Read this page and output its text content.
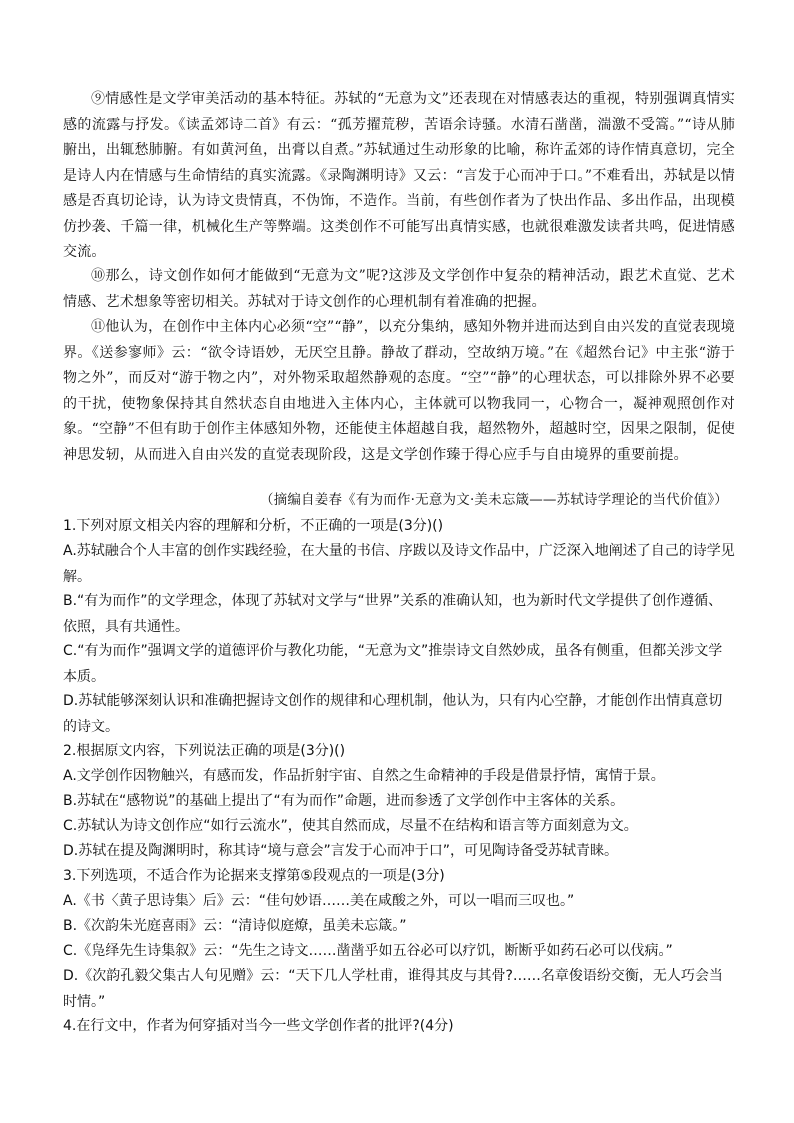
⑨情感性是文学审美活动的基本特征。苏轼的“无意为文”还表现在对情感表达的重视，特别强调真情实感的流露与抒发。《读孟郊诗二首》有云：“孤芳擢荒秽，苦语余诗骚。水清石凿凿，湍激不受篙。”“诗从肺腑出，出辄愁肺腑。有如黄河鱼，出膏以自煮。”苏轼通过生动形象的比喻，称许孟郊的诗作情真意切，完全是诗人内在情感与生命情结的真实流露。《录陶渊明诗》又云：“言发于心而冲于口。”不难看出，苏轼是以情感是否真切论诗，认为诗文贵情真，不伪饰，不造作。当前，有些创作者为了快出作品、多出作品，出现模仿抄袭、千篇一律，机械化生产等弊端。这类创作不可能写出真情实感，也就很难激发读者共鸣，促进情感交流。

⑩那么，诗文创作如何才能做到“无意为文”呢?这涉及文学创作中复杂的精神活动，跟艺术直觉、艺术情感、艺术想象等密切相关。苏轼对于诗文创作的心理机制有着准确的把握。

⑪他认为，在创作中主体内心必须“空”“静”，以充分集纳，感知外物并进而达到自由兴发的直觉表现境界。《送参寥师》云：“欲令诗语妙，无厌空且静。静故了群动，空故纳万境。”在《超然台记》中主张“游于物之外”，而反对“游于物之内”，对外物采取超然静观的态度。“空”“静”的心理状态，可以排除外界不必要的干扰，使物象保持其自然状态自由地进入主体内心，主体就可以物我同一，心物合一，凝神观照创作对象。“空静”不但有助于创作主体感知外物，还能使主体超越自我，超然物外，超越时空，因果之限制，促使神思发轫，从而进入自由兴发的直觉表现阶段，这是文学创作臻于得心应手与自由境界的重要前提。

（摘编自姜春《有为而作·无意为文·美未忘箴——苏轼诗学理论的当代价值》）

1.下列对原文相关内容的理解和分析，不正确的一项是(3分)()

A.苏轼融合个人丰富的创作实践经验，在大量的书信、序跋以及诗文作品中，广泛深入地阐述了自己的诗学见解。

B.“有为而作”的文学理念，体现了苏轼对文学与“世界”关系的准确认知，也为新时代文学提供了创作遵循、依照，具有共通性。

C.“有为而作”强调文学的道德评价与教化功能，“无意为文”推崇诗文自然妙成，虽各有侧重，但都关涉文学本质。

D.苏轼能够深刻认识和准确把握诗文创作的规律和心理机制，他认为，只有内心空静，才能创作出情真意切的诗文。

2.根据原文内容，下列说法正确的项是(3分)()

A.文学创作因物触兴，有感而发，作品折射宇宙、自然之生命精神的手段是借景抒情，寓情于景。

B.苏轼在“感物说”的基础上提出了“有为而作”命题，进而参透了文学创作中主客体的关系。

C.苏轼认为诗文创作应“如行云流水”，使其自然而成，尽量不在结构和语言等方面刻意为文。

D.苏轼在提及陶渊明时，称其诗“境与意会”言发于心而冲于口”，可见陶诗备受苏轼青睐。

3.下列选项，不适合作为论据来支撑第⑤段观点的一项是(3分)

A.《书〈黄子思诗集〉后》云：“佳句妙语……美在咸酸之外，可以一唱而三叹也。”

B.《次韵朱光庭喜雨》云：“清诗似庭燎，虽美未忘箴。”

C.《凫绎先生诗集叙》云：“先生之诗文……凿凿乎如五谷必可以疗饥，断断乎如药石必可以伐病。”

D.《次韵孔毅父集古人句见赠》云：“天下几人学杜甫，谁得其皮与其骨?……名章俊语纷交衡，无人巧会当时情。”

4.在行文中，作者为何穿插对当今一些文学创作者的批评?(4分)
